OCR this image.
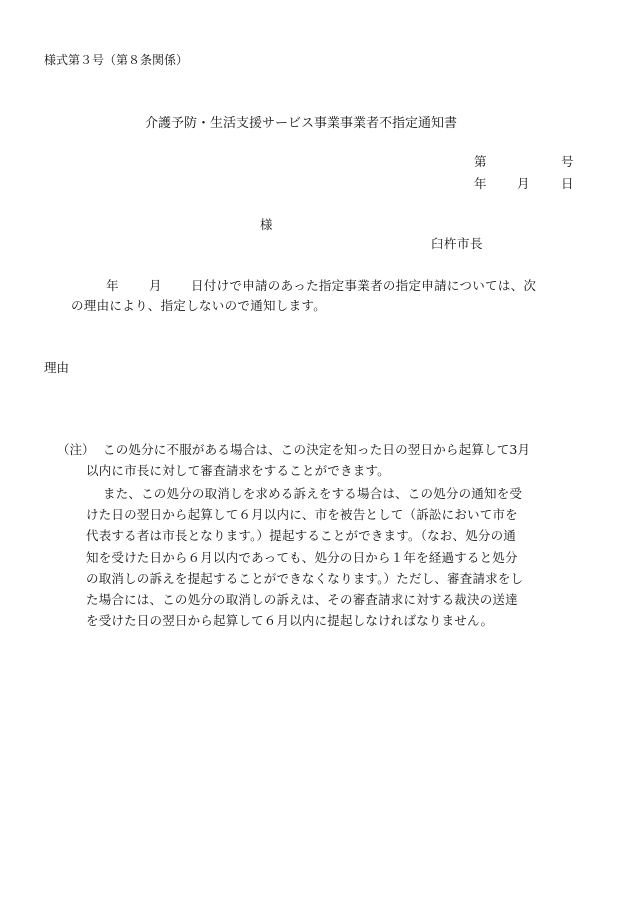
様式第３号（第８条関係）
介護予防・生活支援サービス事業事業者不指定通知書
第	号
年 月	日
様
臼杵市長
年 月 日付けで申請のあった指定事業者の指定申請については、次
の理由により、指定しないので通知します。
理由
（注） この処分に不服がある場合は、この決定を知った日の翌日から起算して3月
以内に市長に対して審査請求をすることができます。
また、この処分の取消しを求める訴えをする場合は、この処分の通知を受
けた日の翌日から起算して６月以内に、市を被告として（訴訟において市を
代表する者は市長となります。）提起することができます。（なお、処分の通
知を受けた日から６月以内であっても、処分の日から１年を経過すると処分
の取消しの訴えを提起することができなくなります。）ただし、審査請求をし
た場合には、この処分の取消しの訴えは、その審査請求に対する裁決の送達
を受けた日の翌日から起算して６月以内に提起しなければなりません。
